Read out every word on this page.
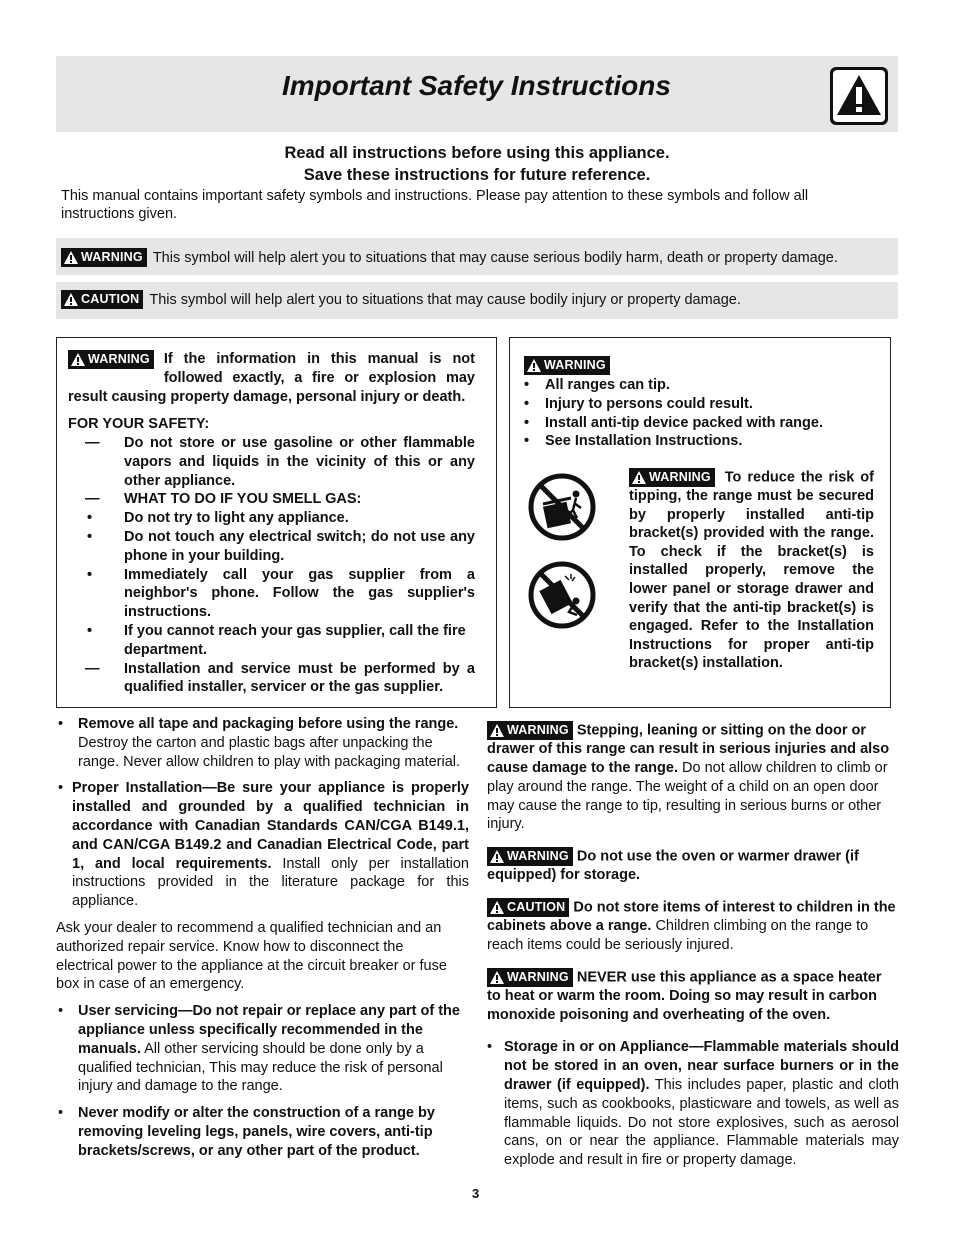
Important Safety Instructions
Read all instructions before using this appliance.
Save these instructions for future reference.
This manual contains important safety symbols and instructions. Please pay attention to these symbols and follow all instructions given.
WARNING This symbol will help alert you to situations that may cause serious bodily harm, death or property damage.
CAUTION This symbol will help alert you to situations that may cause bodily injury or property damage.
WARNING If the information in this manual is not followed exactly, a fire or explosion may result causing property damage, personal injury or death.
FOR YOUR SAFETY:
—	Do not store or use gasoline or other flammable vapors and liquids in the vicinity of this or any other appliance.
—	WHAT TO DO IF YOU SMELL GAS:
•	Do not try to light any appliance.
•	Do not touch any electrical switch; do not use any phone in your building.
•	Immediately call your gas supplier from a neighbor's phone. Follow the gas supplier's instructions.
•	If you cannot reach your gas supplier, call the fire department.
—	Installation and service must be performed by a qualified installer, servicer or the gas supplier.
WARNING
•	All ranges can tip.
•	Injury to persons could result.
•	Install anti-tip device packed with range.
•	See Installation Instructions.
WARNING To reduce the risk of tipping, the range must be secured by properly installed anti-tip bracket(s) provided with the range. To check if the bracket(s) is installed properly, remove the lower panel or storage drawer and verify that the anti-tip bracket(s) is engaged. Refer to the Installation Instructions for proper anti-tip bracket(s) installation.
•	Remove all tape and packaging before using the range. Destroy the carton and plastic bags after unpacking the range. Never allow children to play with packaging material.
• Proper Installation—Be sure your appliance is properly installed and grounded by a qualified technician in accordance with Canadian Standards CAN/CGA B149.1, and CAN/CGA B149.2 and Canadian Electrical Code, part 1, and local requirements. Install only per installation instructions provided in the literature package for this appliance.

Ask your dealer to recommend a qualified technician and an authorized repair service. Know how to disconnect the electrical power to the appliance at the circuit breaker or fuse box in case of an emergency.

•	User servicing—Do not repair or replace any part of the appliance unless specifically recommended in the manuals. All other servicing should be done only by a qualified technician, This may reduce the risk of personal injury and damage to the range.
•	Never modify or alter the construction of a range by removing leveling legs, panels, wire covers, anti-tip brackets/screws, or any other part of the product.

WARNING Stepping, leaning or sitting on the door or drawer of this range can result in serious injuries and also cause damage to the range. Do not allow children to climb or play around the range. The weight of a child on an open door may cause the range to tip, resulting in serious burns or other injury.

WARNING Do not use the oven or warmer drawer (if equipped) for storage.

CAUTION Do not store items of interest to children in the cabinets above a range. Children climbing on the range to reach items could be seriously injured.

WARNING NEVER use this appliance as a space heater to heat or warm the room. Doing so may result in carbon monoxide poisoning and overheating of the oven.

• Storage in or on Appliance—Flammable materials should not be stored in an oven, near surface burners or in the drawer (if equipped). This includes paper, plastic and cloth items, such as cookbooks, plasticware and towels, as well as flammable liquids. Do not store explosives, such as aerosol cans, on or near the appliance. Flammable materials may explode and result in fire or property damage.
3
